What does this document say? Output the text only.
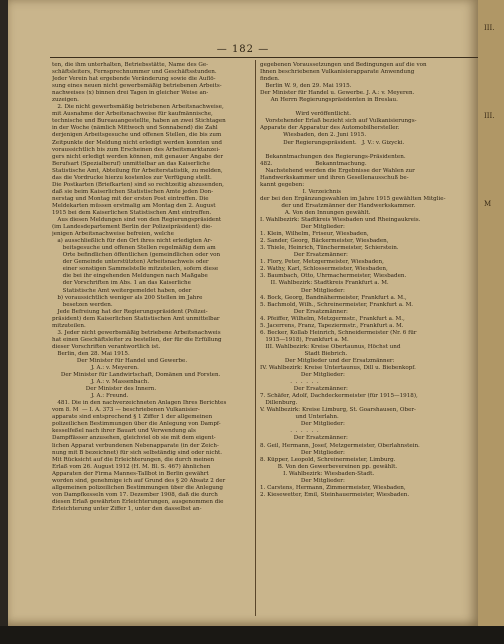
— 182 —

ten, die ihm unterhalten, Betriebsstätte, Name des Ge-

schäftsleiters, Fernsprechnummer und Geschäftsstunden.

Jeder Verein hat ergebende Veränderung sowie die Auflö-

sung eines neuen nicht gewerbsmäßig betriebenen Arbeits-

nachweises (x) binnen drei Tagen in gleicher Weise an-

zuzeigen.

2. Die nicht gewerbsmäßig betriebenen Arbeitsnachweise,

mit Ausnahme der Arbeitsnachweise für kaufmännische,

technische und Bureauangestellte, haben an zwei Stichtagen

in der Woche (nämlich Mittwoch und Sonnabend) die Zahl

derjenigen Arbeitsgesuche und offenen Stellen, die bis zum

Zeitpunkte der Meldung nicht erledigt werden konnten und

voraussichtlich bis zum Erscheinen des Arbeitsmarktanzei-

gers nicht erledigt werden können, mit genauer Angabe der

Berufsart (Spezialberuf) unmittelbar an das Kaiserliche

Statistische Amt, Abteilung für Arbeiterstatistik, zu melden,

das die Vordrucke hierzu kostenlos zur Verfügung stellt.

Die Postkarten (Briefkarten) sind so rechtzeitig abzusenden,

daß sie beim Kaiserlichen Statistischen Amte jeden Don-

nerstag und Montag mit der ersten Post eintreffen. Die

Meldekarten müssen erstmalig am Montag den 2. August

1915 bei dem Kaiserlichen Statistischen Amt eintreffen.

Aus diesen Meldungen sind von den Regierungspräsident

(im Landesdepartement Berlin der Polizeipräsident) die-

jenigen Arbeitsnachweise befreien, welche

a) ausschließlich für den Ort ihres nicht erledigten Ar-

beitsgesuche und offenen Stellen regelmäßig dem am

Orte befindlichen öffentlichen (gemeindlichen oder von

der Gemeinde unterstützten) Arbeitsnachweis oder

einer sonstigen Sammelstelle mitzuteilen, sofern diese

die bei ihr eingehenden Meldungen nach Maßgabe

der Vorschriften im Abs. 1 an das Kaiserliche

Statistische Amt weitergemeldet haben, oder

b) voraussichtlich weniger als 200 Stellen im Jahre

besetzen werden.

Jede Befreiung hat der Regierungspräsident (Polizei-

präsident) dem Kaiserlichen Statistischen Amt unmittelbar

mitzuteilen.

3. Jeder nicht gewerbsmäßig betriebene Arbeitsnachweis

hat einen Geschäftsleiter zu bestellen, der für die Erfüllung

dieser Vorschriften verantwortlich ist.

Berlin, den 28. Mai 1915.

Der Minister für Handel und Gewerbe.

J. A.: v. Meyeren.

Der Minister für Landwirtschaft, Domänen und Forsten.

J. A.: v. Massenbach.

Der Minister des Innern.

J. A.: Freund.

481. Die in den nachverzeichneten Anlagen Ihres Berichtes

vom 8. M  — I. A. 373 — beschriebenen Vulkanisier-

apparate sind entsprechend § 1 Ziffer 1 der allgemeinen

polizeilichen Bestimmungen über die Anlegung von Dampf-

kesselfeßel nach ihrer Bauart und Verwendung als

Dampffässer anzusehen, gleichviel ob sie mit dem eigent-

lichen Apparat verbundenen Nebenapparate (in der Zeich-

nung mit B bezeichnet) für sich selbständig sind oder nicht.

Mit Rücksicht auf die Erleichterungen, die durch meinen

Erlaß vom 26. August 1912 (H. M. Bl. S. 467) ähnlichen

Apparaten der Firma Mannes-Tallbot in Berlin gewährt

worden sind, genehmige ich auf Grund des § 20 Absatz 2 der

allgemeinen polizeilichen Bestimmungen über die Anlegung

von Dampfkesseln vom 17. Dezember 1908, daß die durch

diesen Erlaß gewährten Erleichterungen, ausgenommen die

Erleichterung unter Ziffer 1, unter den dasselbst an-

gegebenen Voraussetzungen und Bedingungen auf die von

Ihnen beschriebenen Vulkanisierapparate Anwendung

finden.

Berlin W. 9, den 29. Mai 1915.

Der Minister für Handel u. Gewerbe. J. A.: v. Meyeren.

An Herrn Regierungspräsidenten in Breslau.

Wird veröffentlicht.

Vorstehender Erlaß bezieht sich auf Vulkanisierungs-

Apparate der Apparatur des Automobilhersteller.

Wiesbaden, den 2. Juni 1915.

Der Regierungspräsident.   J. V.: v. Gizycki.

Bekanntmachungen des Regierungs-Präsidenten.

482.                        Bekanntmachung.

Nachstehend werden die Ergebnisse der Wahlen zur

Handwerkskammer und ihren Gesellenausschuß be-

kannt gegeben:

I. Verzeichnis

der bei den Ergänzungswahlen im Jahre 1915 gewählten Mitglie-

der und Ersatzmänner der Handwerkskammer.

A. Von den Innungen gewählt.

I. Wahlbezirk: Stadtkreis Wiesbaden und Rheingaukreis.

Der Mitglieder:

1. Klein, Wilhelm, Friseur, Wiesbaden,

2. Sander, Georg, Bäckermeister, Wiesbaden,

3. Thiele, Heinrich, Tünchermeister, Schierstein.

Der Ersatzmänner:

1. Flory, Peter, Metzgermeister, Wiesbaden,

2. Wathy, Karl, Schlossermeister, Wiesbaden,

3. Baumbach, Otto, Uhrmachermeister, Wiesbaden.

II. Wahlbezirk: Stadtkreis Frankfurt a. M.

Der Mitglieder:

4. Bock, Georg, Bandnähermeister, Frankfurt a. M.,

5. Bachmold, Wilh., Schreinermeister, Frankfurt a. M.

Der Ersatzmänner:

4. Pfeiffer, Wilhelm, Metzgermstr., Frankfurt a. M.,

5. Jacerrens, Franz, Tapeziermstr., Frankfurt a. M.

6. Becker, Kollab Heinrich, Schneidermeister (Nr. 6 für

1915—1918), Frankfurt a. M.

III. Wahlbezirk: Kreise Obertaunus, Höchst und

Stadt Biebrich.

Der Mitglieder und der Ersatzmänner:

IV. Wahlbezirk: Kreise Untertaunus, Dill u. Biebenkopf.

Der Mitglieder:

.  .  .  .  .  .

Der Ersatzmänner:

7. Schäfer, Adolf, Dachdeckermeister (für 1915—1918),

Dillenburg.

V. Wahlbezirk: Kreise Limburg, St. Goarshausen, Ober-

und Unterlahn.

Der Mitglieder:

.  .  .  .  .  .

Der Ersatzmänner:

8. Geil, Hermann, Josef, Metzgermeister, Oberlahnstein.

Der Mitglieder:

8. Küpper, Leopold, Schreinermeister, Limburg.

B. Von den Gewerbevereinen pp. gewählt.

I. Wahlbezirk: Wiesbaden-Stadt.

Der Mitglieder:

1. Carstens, Hermann, Zimmermeister, Wiesbaden,

2. Kiesewetter, Emil, Steinhauermeister, Wiesbaden.

III.
III.
M
